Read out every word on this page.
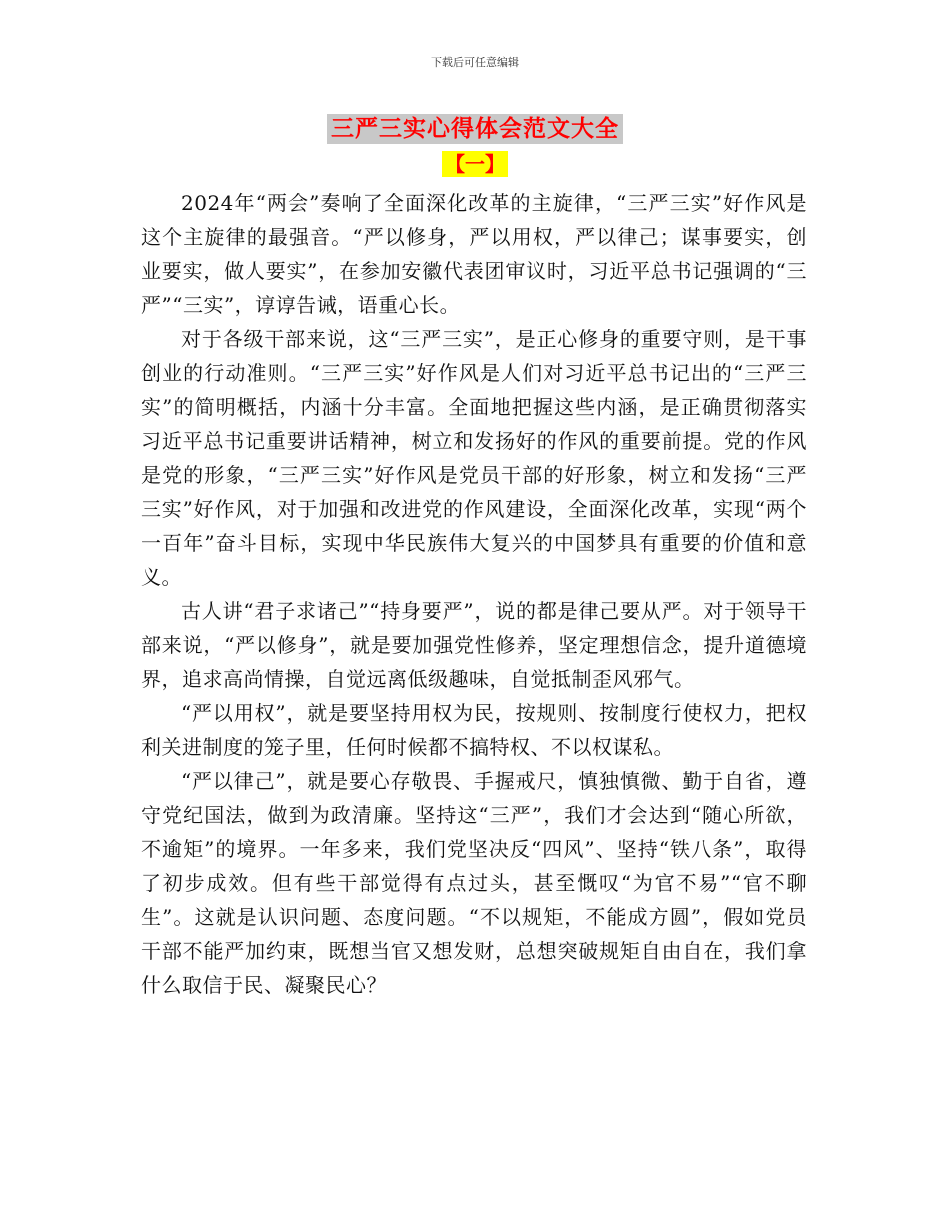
下载后可任意编辑
三严三实心得体会范文大全
【一】

2024年“两会”奏响了全面深化改革的主旋律，“三严三实”好作风是这个主旋律的最强音。“严以修身，严以用权，严以律己；谋事要实，创业要实，做人要实”，在参加安徽代表团审议时，习近平总书记强调的“三严”“三实”，谆谆告诫，语重心长。

对于各级干部来说，这“三严三实”，是正心修身的重要守则，是干事创业的行动准则。“三严三实”好作风是人们对习近平总书记出的“三严三实”的简明概括，内涵十分丰富。全面地把握这些内涵，是正确贯彻落实习近平总书记重要讲话精神，树立和发扬好的作风的重要前提。党的作风是党的形象，“三严三实”好作风是党员干部的好形象，树立和发扬“三严三实”好作风，对于加强和改进党的作风建设，全面深化改革，实现“两个一百年”奋斗目标，实现中华民族伟大复兴的中国梦具有重要的价值和意义。

古人讲“君子求诸己”“持身要严”，说的都是律己要从严。对于领导干部来说，“严以修身”，就是要加强党性修养，坚定理想信念，提升道德境界，追求高尚情操，自觉远离低级趣味，自觉抵制歪风邪气。

“严以用权”，就是要坚持用权为民，按规则、按制度行使权力，把权利关进制度的笼子里，任何时候都不搞特权、不以权谋私。

“严以律己”，就是要心存敬畏、手握戒尺，慎独慎微、勤于自省，遵守党纪国法，做到为政清廉。坚持这“三严”，我们才会达到“随心所欲，不逾矩”的境界。一年多来，我们党坚决反“四风”、坚持“铁八条”，取得了初步成效。但有些干部觉得有点过头，甚至慨叹“为官不易”“官不聊生”。这就是认识问题、态度问题。“不以规矩，不能成方圆”，假如党员干部不能严加约束，既想当官又想发财，总想突破规矩自由自在，我们拿什么取信于民、凝聚民心？
